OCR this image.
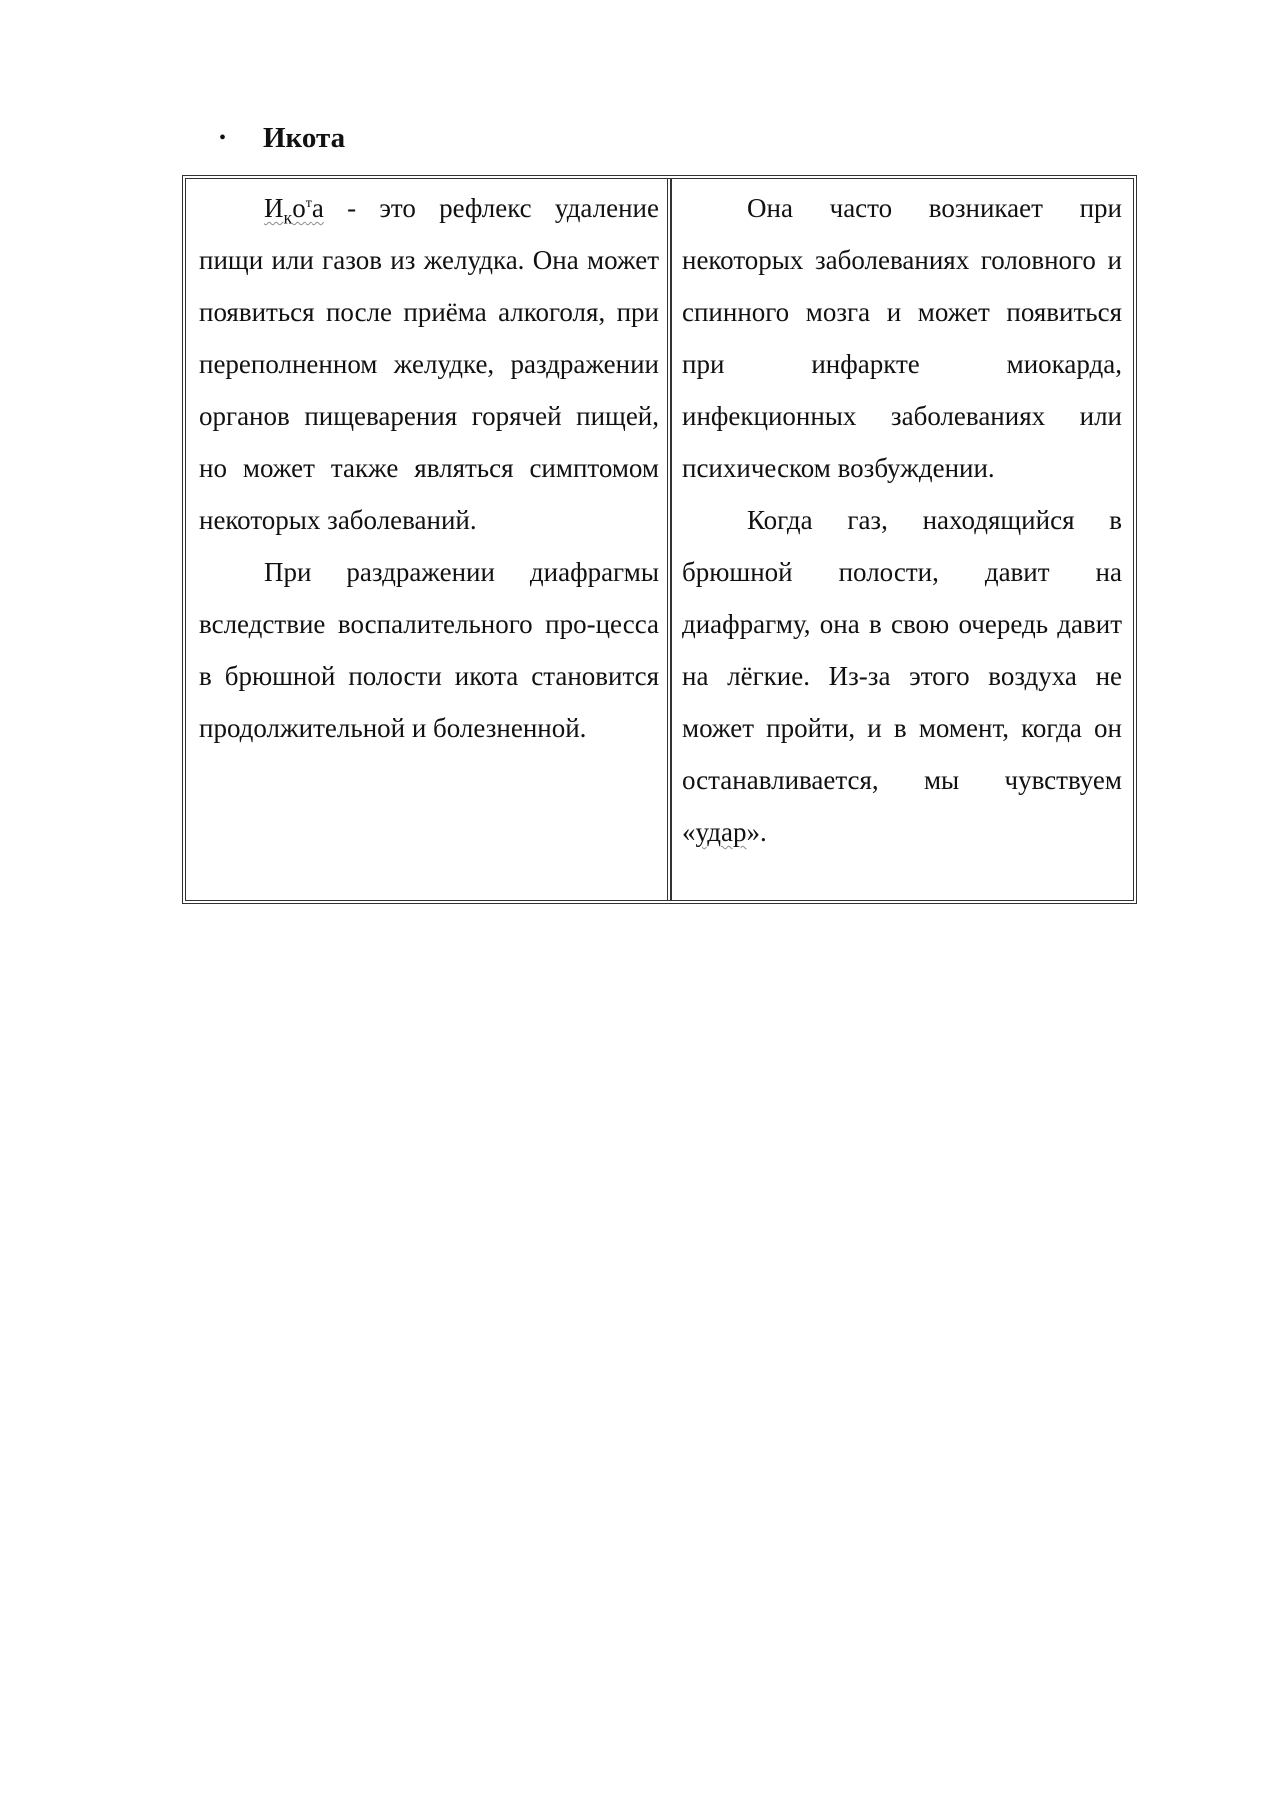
•	Икота

$И_ко^та$ - это рефлекс удаление пищи или газов из желудка. Она может появиться после приёма алкоголя, при переполненном желудке, раздражении органов пищеварения горячей пищей, но может также являться симптомом некоторых заболеваний.

При раздражении диафрагмы вследствие воспалительного про-цесса в брюшной полости икота становится продолжительной и болезненной.

Она часто возникает при некоторых заболеваниях головного и спинного мозга и может появиться при инфаркте миокарда, инфекционных заболеваниях или психическом возбуждении.

Когда газ, находящийся в брюшной полости, давит на диафрагму, она в свою очередь давит на лёгкие. Из-за этого воздуха не может пройти, и в момент, когда он останавливается, мы чувствуем «удар».
